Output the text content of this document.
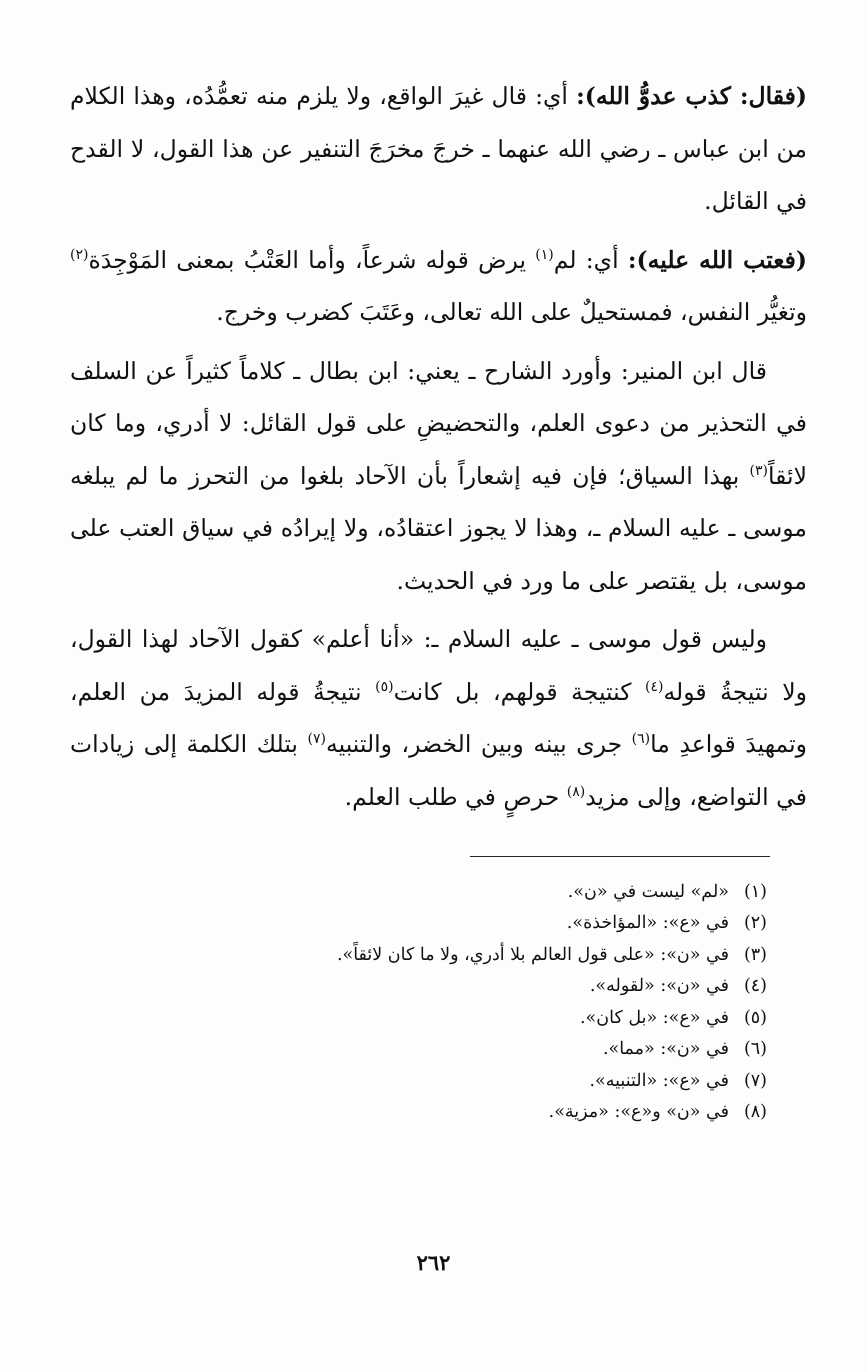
(فقال: كذب عدوُّ الله): أي: قال غيرَ الواقع، ولا يلزم منه تعمُّدُه، وهذا الكلام من ابن عباس ـ رضي الله عنهما ـ خرجَ مخرَجَ التنفير عن هذا القول، لا القدح في القائل.

(فعتب الله عليه): أي: لم$^{(١)}$ يرض قوله شرعاً، وأما العَتْبُ بمعنى المَوْجِدَة$^{(٢)}$ وتغيُّر النفس، فمستحيلٌ على الله تعالى، وعَتَبَ كضرب وخرج.

قال ابن المنير: وأورد الشارح ـ يعني: ابن بطال ـ كلاماً كثيراً عن السلف في التحذير من دعوى العلم، والتحضيضِ على قول القائل: لا أدري، وما كان لائقاً$^{(٣)}$ بهذا السياق؛ فإن فيه إشعاراً بأن الآحاد بلغوا من التحرز ما لم يبلغه موسى ـ عليه السلام ـ، وهذا لا يجوز اعتقادُه، ولا إيرادُه في سياق العتب على موسى، بل يقتصر على ما ورد في الحديث.

وليس قول موسى ـ عليه السلام ـ: «أنا أعلم» كقول الآحاد لهذا القول، ولا نتيجةُ قوله$^{(٤)}$ كنتيجة قولهم، بل كانت$^{(٥)}$ نتيجةُ قوله المزيدَ من العلم، وتمهيدَ قواعدِ ما$^{(٦)}$ جرى بينه وبين الخضر، والتنبيه$^{(٧)}$ بتلك الكلمة إلى زيادات في التواضع، وإلى مزيد$^{(٨)}$ حرصٍ في طلب العلم.

(١)
«لم» ليست في «ن».
(٢)
في «ع»: «المؤاخذة».
(٣)
في «ن»: «على قول العالم بلا أدري، ولا ما كان لائقاً».
(٤)
في «ن»: «لقوله».
(٥)
في «ع»: «بل كان».
(٦)
في «ن»: «مما».
(٧)
في «ع»: «التنبيه».
(٨)
في «ن» و«ع»: «مزية».
٢٦٢
